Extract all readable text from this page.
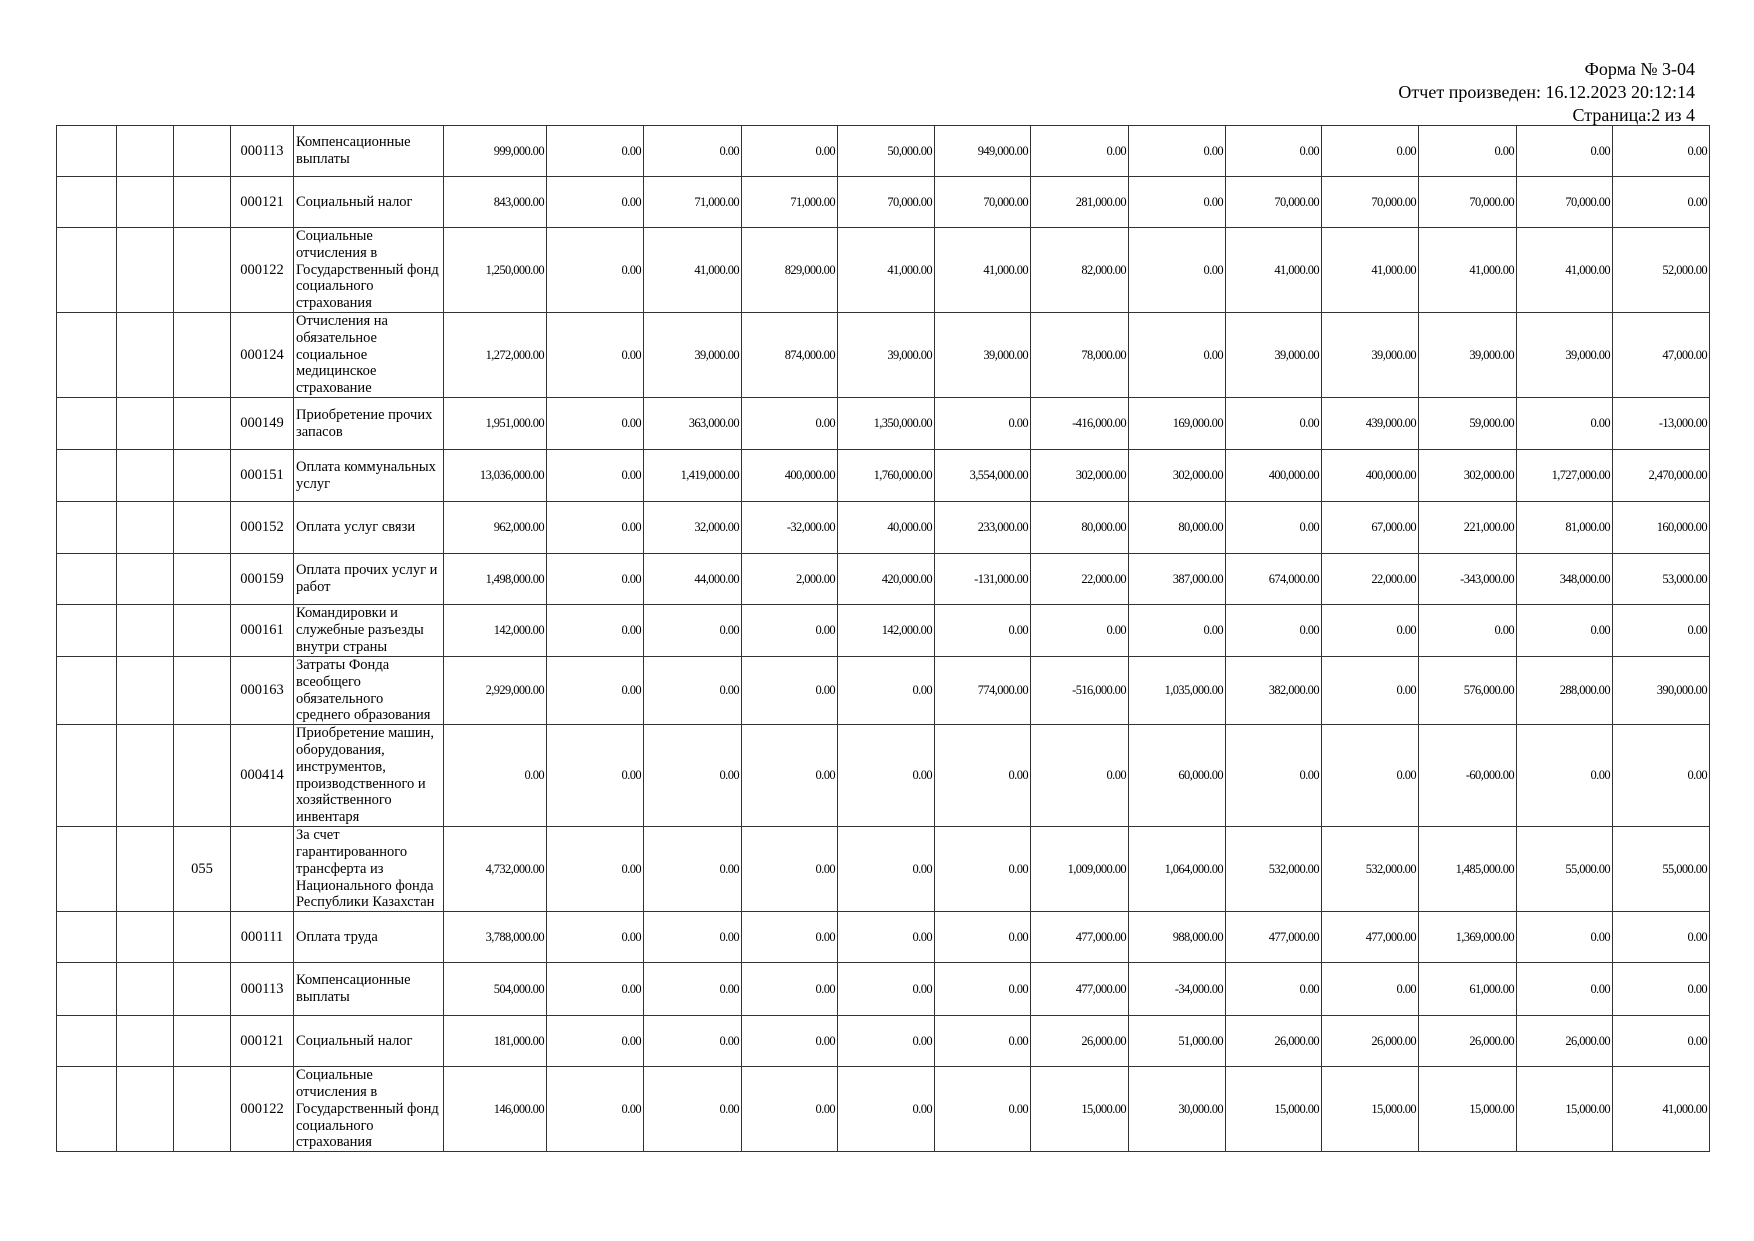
Форма № 3-04
Отчет произведен: 16.12.2023 20:12:14
Страница:2 из 4
			000113	Компенсационные выплаты	999,000.00	0.00	0.00	0.00	50,000.00	949,000.00	0.00	0.00	0.00	0.00	0.00	0.00	0.00
			000121	Социальный налог	843,000.00	0.00	71,000.00	71,000.00	70,000.00	70,000.00	281,000.00	0.00	70,000.00	70,000.00	70,000.00	70,000.00	0.00
			000122	Социальные отчисления в Государственный фонд социального страхования	1,250,000.00	0.00	41,000.00	829,000.00	41,000.00	41,000.00	82,000.00	0.00	41,000.00	41,000.00	41,000.00	41,000.00	52,000.00
			000124	Отчисления на обязательное социальное медицинское страхование	1,272,000.00	0.00	39,000.00	874,000.00	39,000.00	39,000.00	78,000.00	0.00	39,000.00	39,000.00	39,000.00	39,000.00	47,000.00
			000149	Приобретение прочих запасов	1,951,000.00	0.00	363,000.00	0.00	1,350,000.00	0.00	-416,000.00	169,000.00	0.00	439,000.00	59,000.00	0.00	-13,000.00
			000151	Оплата коммунальных услуг	13,036,000.00	0.00	1,419,000.00	400,000.00	1,760,000.00	3,554,000.00	302,000.00	302,000.00	400,000.00	400,000.00	302,000.00	1,727,000.00	2,470,000.00
			000152	Оплата услуг связи	962,000.00	0.00	32,000.00	-32,000.00	40,000.00	233,000.00	80,000.00	80,000.00	0.00	67,000.00	221,000.00	81,000.00	160,000.00
			000159	Оплата прочих услуг и работ	1,498,000.00	0.00	44,000.00	2,000.00	420,000.00	-131,000.00	22,000.00	387,000.00	674,000.00	22,000.00	-343,000.00	348,000.00	53,000.00
			000161	Командировки и служебные разъезды внутри страны	142,000.00	0.00	0.00	0.00	142,000.00	0.00	0.00	0.00	0.00	0.00	0.00	0.00	0.00
			000163	Затраты Фонда всеобщего обязательного среднего образования	2,929,000.00	0.00	0.00	0.00	0.00	774,000.00	-516,000.00	1,035,000.00	382,000.00	0.00	576,000.00	288,000.00	390,000.00
			000414	Приобретение машин, оборудования, инструментов, производственного и хозяйственного инвентаря	0.00	0.00	0.00	0.00	0.00	0.00	0.00	60,000.00	0.00	0.00	-60,000.00	0.00	0.00
		055		За счет гарантированного трансферта из Национального фонда Республики Казахстан	4,732,000.00	0.00	0.00	0.00	0.00	0.00	1,009,000.00	1,064,000.00	532,000.00	532,000.00	1,485,000.00	55,000.00	55,000.00
			000111	Оплата труда	3,788,000.00	0.00	0.00	0.00	0.00	0.00	477,000.00	988,000.00	477,000.00	477,000.00	1,369,000.00	0.00	0.00
			000113	Компенсационные выплаты	504,000.00	0.00	0.00	0.00	0.00	0.00	477,000.00	-34,000.00	0.00	0.00	61,000.00	0.00	0.00
			000121	Социальный налог	181,000.00	0.00	0.00	0.00	0.00	0.00	26,000.00	51,000.00	26,000.00	26,000.00	26,000.00	26,000.00	0.00
			000122	Социальные отчисления в Государственный фонд социального страхования	146,000.00	0.00	0.00	0.00	0.00	0.00	15,000.00	30,000.00	15,000.00	15,000.00	15,000.00	15,000.00	41,000.00
